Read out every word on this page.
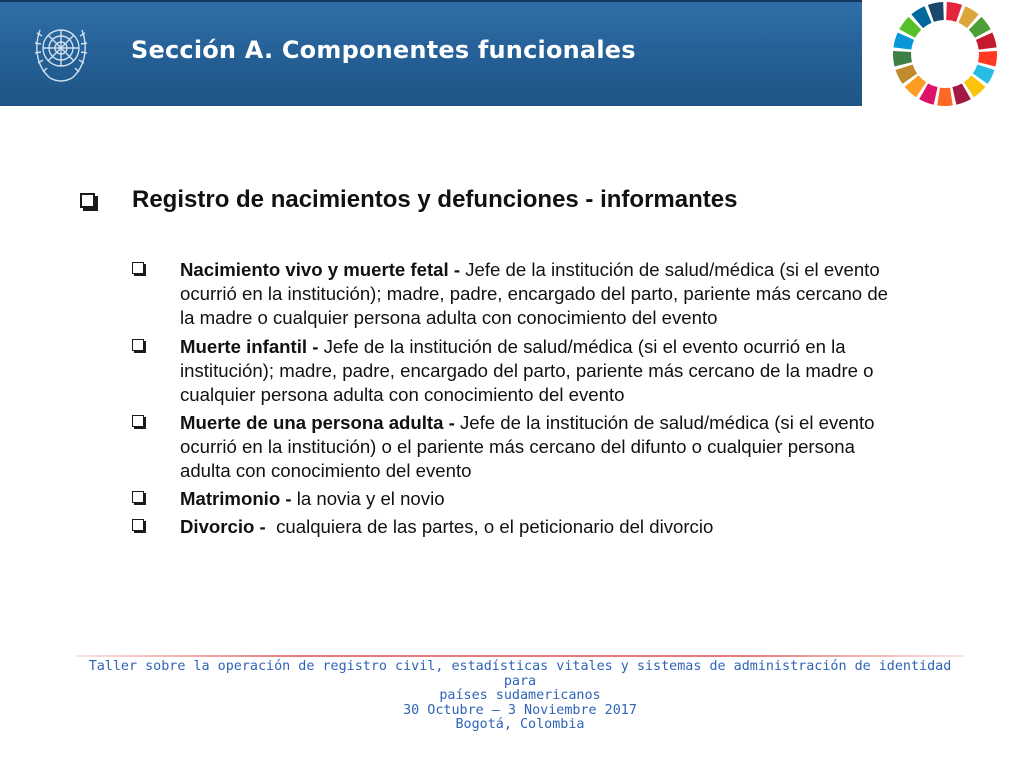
Sección A. Componentes funcionales
Registro de nacimientos y defunciones - informantes
Nacimiento vivo y muerte fetal - Jefe de la institución de salud/médica (si el evento
ocurrió en la institución); madre, padre, encargado del parto, pariente más cercano de
la madre o cualquier persona adulta con conocimiento del evento
Muerte infantil - Jefe de la institución de salud/médica (si el evento ocurrió en la
institución); madre, padre, encargado del parto, pariente más cercano de la madre o
cualquier persona adulta con conocimiento del evento
Muerte de una persona adulta - Jefe de la institución de salud/médica (si el evento
ocurrió en la institución) o el pariente más cercano del difunto o cualquier persona
adulta con conocimiento del evento
Matrimonio - la novia y el novio
Divorcio -  cualquiera de las partes, o el peticionario del divorcio
Taller sobre la operación de registro civil, estadísticas vitales y sistemas de administración de identidad para
países sudamericanos
30 Octubre – 3 Noviembre 2017
Bogotá, Colombia
